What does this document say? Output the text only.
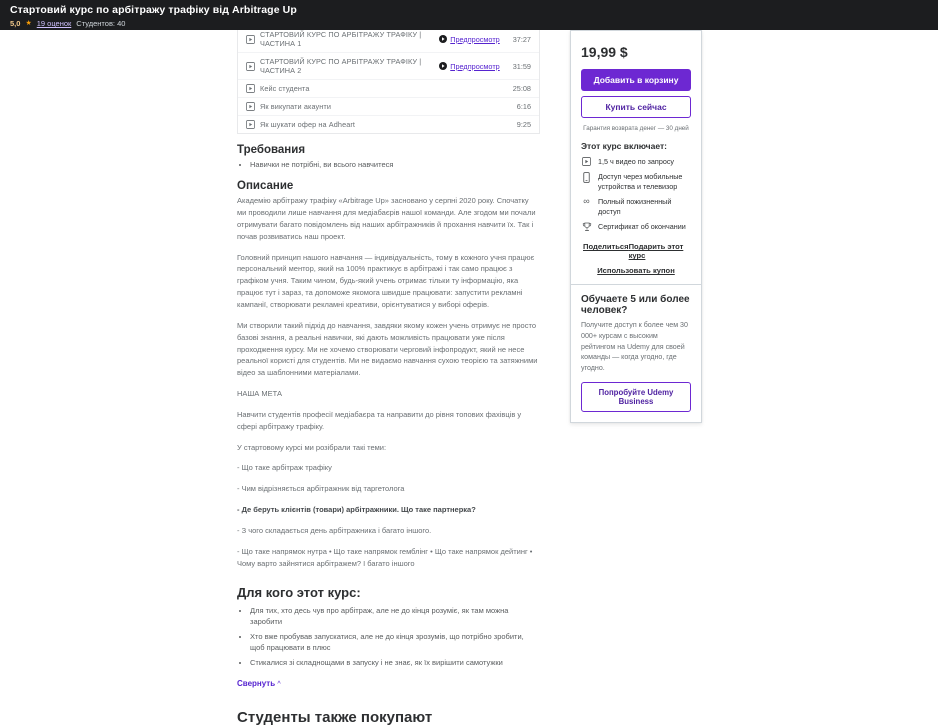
Стартовий курс по арбітражу трафіку від Arbitrage Up
5,0 ★ 19 оценок Студентов: 40
СТАРТОВИЙ КУРС ПО АРБІТРАЖУ ТРАФІКУ | ЧАСТИНА 1	Предпросмотр 37:27
СТАРТОВИЙ КУРС ПО АРБІТРАЖУ ТРАФІКУ | ЧАСТИНА 2	Предпросмотр 31:59
Кейс студента	25:08
Як викупати акаунти	6:16
Як шукати офер на Adheart	9:25
Требования
• Навички не потрібні, ви всього навчитеся
Описание

Академію арбітражу трафіку «Arbitrage Up» засновано у серпні 2020 року. Спочатку ми проводили лише навчання для медіабаєрів нашої команди. Але згодом ми почали отримувати багато повідомлень від наших арбітражників й прохання навчити їх. Так і почав розвиватись наш проект.

Головний принцип нашого навчання — індивідуальність, тому в кожного учня працює персональний ментор, який на 100% практикує в арбітражі і так само працює з графіком учня. Таким чином, будь-який учень отримає тільки ту інформацію, яка працює тут і зараз, та допоможе якомога швидше працювати: запустити рекламні кампанії, створювати рекламні креативи, орієнтуватися у виборі оферів.

Ми створили такий підхід до навчання, завдяки якому кожен учень отримує не просто базові знання, а реальні навички, які дають можливість працювати уже після проходження курсу. Ми не хочемо створювати черговий інфопродукт, який не несе реальної користі для студентів. Ми не видаємо навчання сухою теорією та затяжними відео за шаблонними матеріалами.

НАША МЕТА

Навчити студентів професії медіабаєра та направити до рівня топових фахівців у сфері арбітражу трафіку.

У стартовому курсі ми розібрали такі теми:

- Що таке арбітраж трафіку

- Чим відрізняється арбітражник від таргетолога

- Де беруть клієнтів (товари) арбітражники. Що таке партнерка?

- З чого складається день арбітражника і багато іншого.

- Що таке напрямок нутра • Що таке напрямок гемблінг • Що таке напрямок дейтинг • Чому варто зайнятися арбітражем? І багато іншого

Для кого этот курс:
• Для тих, хто десь чув про арбітраж, але не до кінця розуміє, як там можна заробити
• Хто вже пробував запускатися, але не до кінця зрозумів, що потрібно зробити, щоб працювати в плюс
• Стикалися зі складнощами в запуску і не знає, як їх вирішити самотужки
Свернуть ^
Студенты также покупают
19,99 $
Добавить в корзину
Купить сейчас
Гарантия возврата денег — 30 дней
Этот курс включает:
1,5 ч видео по запросу
Доступ через мобильные устройства и телевизор
∞	Полный пожизненный доступ
Сертификат об окончании
Поделиться Подарить этот курс
Использовать купон
Обучаете 5 или более человек?

Получите доступ к более чем 30 000+ курсам с высоким рейтингом на Udemy для своей команды — когда угодно, где угодно.

Попробуйте Udemy Business
